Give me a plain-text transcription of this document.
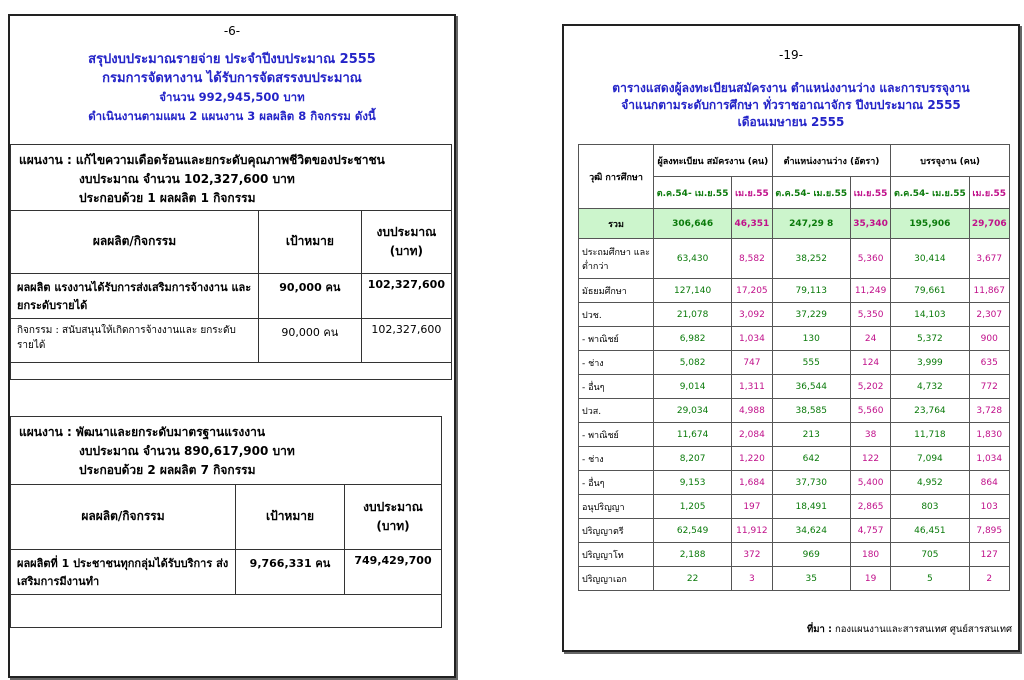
-6-
สรุปงบประมาณรายจ่าย ประจำปีงบประมาณ 2555
กรมการจัดหางาน ได้รับการจัดสรรงบประมาณ
จำนวน 992,945,500 บาท
ดำเนินงานตามแผน 2 แผนงาน 3 ผลผลิต 8 กิจกรรม ดังนี้
แผนงาน : แก้ไขความเดือดร้อนและยกระดับคุณภาพชีวิตของประชาชน
งบประมาณ จำนวน 102,327,600 บาท
ประกอบด้วย 1 ผลผลิต 1 กิจกรรม
ผลผลิต/กิจกรรม	เป้าหมาย	งบประมาณ (บาท)
ผลผลิต แรงงานได้รับการส่งเสริมการจ้างงาน และยกระดับรายได้	90,000 คน	102,327,600
กิจกรรม : สนับสนุนให้เกิดการจ้างงานและ ยกระดับรายได้	90,000 คน	102,327,600
แผนงาน : พัฒนาและยกระดับมาตรฐานแรงงาน
งบประมาณ จำนวน 890,617,900 บาท
ประกอบด้วย 2 ผลผลิต 7 กิจกรรม
ผลผลิต/กิจกรรม	เป้าหมาย	งบประมาณ (บาท)
ผลผลิตที่ 1 ประชาชนทุกกลุ่มได้รับบริการ ส่งเสริมการมีงานทำ	9,766,331 คน	749,429,700
-19-
ตารางแสดงผู้ลงทะเบียนสมัครงาน ตำแหน่งงานว่าง และการบรรจุงาน
จำแนกตามระดับการศึกษา ทั่วราชอาณาจักร ปีงบประมาณ 2555
เดือนเมษายน 2555
วุฒิ การศึกษา	ผู้ลงทะเบียน สมัครงาน (คน)		ตำแหน่งงานว่าง (อัตรา)		บรรจุงาน (คน)	
	ต.ค.54- เม.ย.55	เม.ย.55	ต.ค.54- เม.ย.55	เม.ย.55	ต.ค.54- เม.ย.55	เม.ย.55
รวม	306,646	46,351	247,29 8	35,340	195,906	29,706
ประถมศึกษา และต่ำกว่า	63,430	8,582	38,252	5,360	30,414	3,677
มัธยมศึกษา	127,140	17,205	79,113	11,249	79,661	11,867
ปวช.	21,078	3,092	37,229	5,350	14,103	2,307
- พาณิชย์	6,982	1,034	130	24	5,372	900
- ช่าง	5,082	747	555	124	3,999	635
- อื่นๆ	9,014	1,311	36,544	5,202	4,732	772
ปวส.	29,034	4,988	38,585	5,560	23,764	3,728
- พาณิชย์	11,674	2,084	213	38	11,718	1,830
- ช่าง	8,207	1,220	642	122	7,094	1,034
- อื่นๆ	9,153	1,684	37,730	5,400	4,952	864
อนุปริญญา	1,205	197	18,491	2,865	803	103
ปริญญาตรี	62,549	11,912	34,624	4,757	46,451	7,895
ปริญญาโท	2,188	372	969	180	705	127
ปริญญาเอก	22	3	35	19	5	2
ที่มา : กองแผนงานและสารสนเทศ ศูนย์สารสนเทศ
